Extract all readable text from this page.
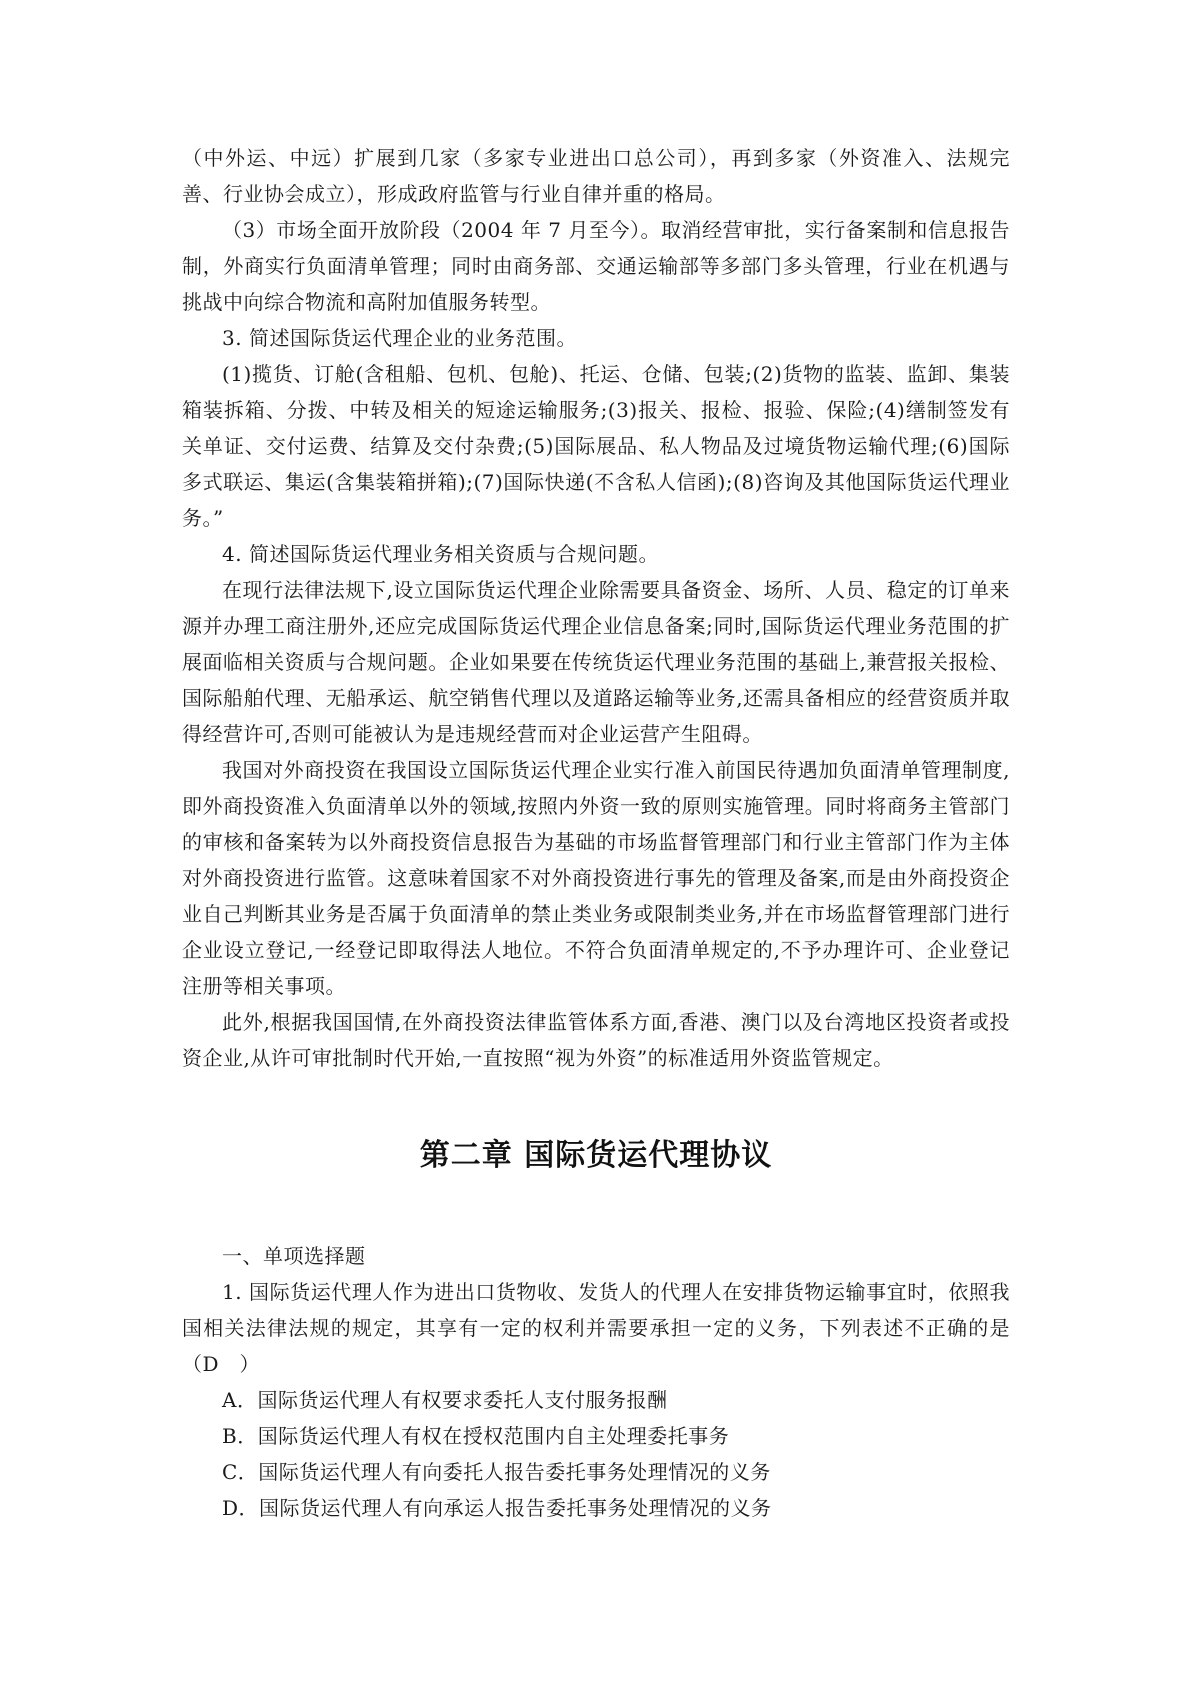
（中外运、中远）扩展到几家（多家专业进出口总公司），再到多家（外资准入、法规完善、行业协会成立），形成政府监管与行业自律并重的格局。

（3）市场全面开放阶段（2004 年 7 月至今）。取消经营审批，实行备案制和信息报告制，外商实行负面清单管理；同时由商务部、交通运输部等多部门多头管理，行业在机遇与挑战中向综合物流和高附加值服务转型。

3. 简述国际货运代理企业的业务范围。

(1)揽货、订舱(含租船、包机、包舱)、托运、仓储、包装;(2)货物的监装、监卸、集装箱装拆箱、分拨、中转及相关的短途运输服务;(3)报关、报检、报验、保险;(4)缮制签发有关单证、交付运费、结算及交付杂费;(5)国际展品、私人物品及过境货物运输代理;(6)国际多式联运、集运(含集装箱拼箱);(7)国际快递(不含私人信函);(8)咨询及其他国际货运代理业务。”

4. 简述国际货运代理业务相关资质与合规问题。

在现行法律法规下,设立国际货运代理企业除需要具备资金、场所、人员、稳定的订单来源并办理工商注册外,还应完成国际货运代理企业信息备案;同时,国际货运代理业务范围的扩展面临相关资质与合规问题。企业如果要在传统货运代理业务范围的基础上,兼营报关报检、国际船舶代理、无船承运、航空销售代理以及道路运输等业务,还需具备相应的经营资质并取得经营许可,否则可能被认为是违规经营而对企业运营产生阻碍。

我国对外商投资在我国设立国际货运代理企业实行准入前国民待遇加负面清单管理制度,即外商投资准入负面清单以外的领域,按照内外资一致的原则实施管理。同时将商务主管部门的审核和备案转为以外商投资信息报告为基础的市场监督管理部门和行业主管部门作为主体对外商投资进行监管。这意味着国家不对外商投资进行事先的管理及备案,而是由外商投资企业自己判断其业务是否属于负面清单的禁止类业务或限制类业务,并在市场监督管理部门进行企业设立登记,一经登记即取得法人地位。不符合负面清单规定的,不予办理许可、企业登记注册等相关事项。

此外,根据我国国情,在外商投资法律监管体系方面,香港、澳门以及台湾地区投资者或投资企业,从许可审批制时代开始,一直按照“视为外资”的标准适用外资监管规定。

第二章 国际货运代理协议

一、单项选择题

1. 国际货运代理人作为进出口货物收、发货人的代理人在安排货物运输事宜时，依照我国相关法律法规的规定，其享有一定的权利并需要承担一定的义务，下列表述不正确的是（D　）

A．国际货运代理人有权要求委托人支付服务报酬

B．国际货运代理人有权在授权范围内自主处理委托事务

C．国际货运代理人有向委托人报告委托事务处理情况的义务

D．国际货运代理人有向承运人报告委托事务处理情况的义务
